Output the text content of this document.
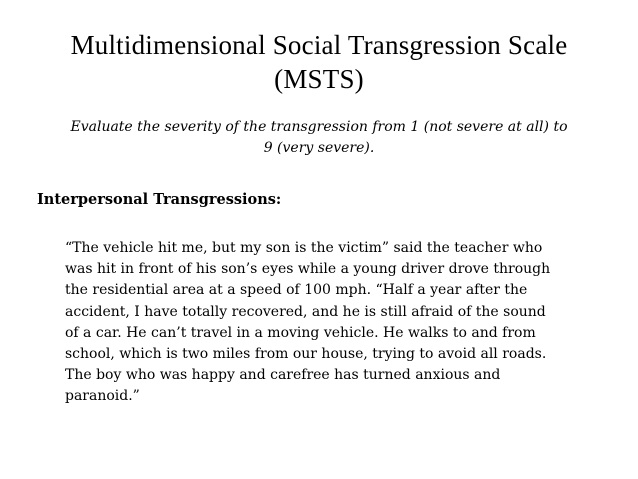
Multidimensional Social Transgression Scale
(MSTS)
Evaluate the severity of the transgression from 1 (not severe at all) to
9 (very severe).
Interpersonal Transgressions:
“The vehicle hit me, but my son is the victim” said the teacher who
was hit in front of his son’s eyes while a young driver drove through
the residential area at a speed of 100 mph. “Half a year after the
accident, I have totally recovered, and he is still afraid of the sound
of a car. He can’t travel in a moving vehicle. He walks to and from
school, which is two miles from our house, trying to avoid all roads.
The boy who was happy and carefree has turned anxious and
paranoid.”
